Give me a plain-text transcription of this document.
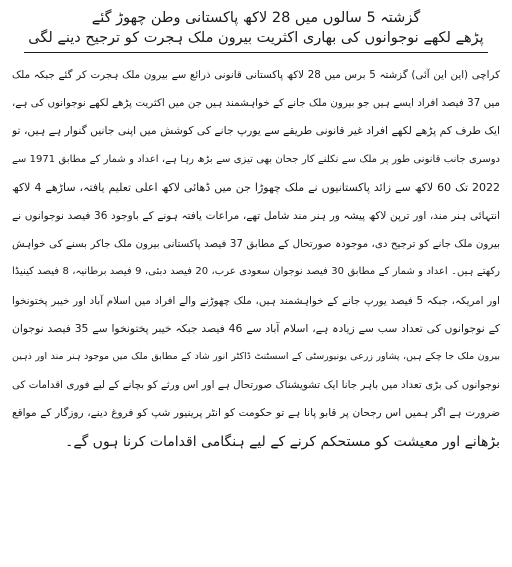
گزشتہ 5 سالوں میں 28 لاکھ پاکستانی وطن چھوڑ گئے
پڑھے لکھے نوجوانوں کی بھاری اکثریت بیرون ملک ہجرت کو ترجیح دینے لگی
کراچی (این این آئی) گزشتہ 5 برس میں 28 لاکھ پاکستانی قانونی ذرائع سے بیرون ملک ہجرت کر گئے جبکہ ملک
میں 37 فیصد افراد ایسے ہیں جو بیرون ملک جانے کے خواہشمند ہیں جن میں اکثریت پڑھے لکھے نوجوانوں کی ہے،
ایک طرف کم پڑھے لکھے افراد غیر قانونی طریقے سے یورپ جانے کی کوشش میں اپنی جانیں گنوار ہے ہیں، تو
دوسری جانب قانونی طور پر ملک سے نکلنے کار جحان بھی تیزی سے بڑھ رہا ہے، اعداد و شمار کے مطابق 1971 سے
2022 تک 60 لاکھ سے زائد پاکستانیوں نے ملک چھوڑا جن میں ڈھائی لاکھ اعلی تعلیم یافتہ، ساڑھے 4 لاکھ
انتہائی ہنر مند، اور ترپن لاکھ پیشہ ور ہنر مند شامل تھے، مراعات یافتہ ہونے کے باوجود 36 فیصد نوجوانوں نے
بیرون ملک جانے کو ترجیح دی، موجودہ صورتحال کے مطابق 37 فیصد پاکستانی بیرون ملک جاکر بسنے کی خواہش
رکھتے ہیں۔ اعداد و شمار کے مطابق 30 فیصد نوجوان سعودی عرب، 20 فیصد دبئی، 9 فیصد برطانیہ، 8 فیصد کینیڈا
اور امریکہ، جبکہ 5 فیصد یورپ جانے کے خواہشمند ہیں، ملک چھوڑنے والے افراد میں اسلام آباد اور خیبر پختونخوا
کے نوجوانوں کی تعداد سب سے زیادہ ہے، اسلام آباد سے 46 فیصد جبکہ خیبر پختونخوا سے 35 فیصد نوجوان
بیرون ملک جا چکے ہیں، پشاور زرعی یونیورسٹی کے اسسٹنٹ ڈاکٹر انور شاد کے مطابق ملک میں موجود ہنر مند اور ذہین
نوجوانوں کی بڑی تعداد میں باہر جانا ایک تشویشناک صورتحال ہے اور اس ورثے کو بچانے کے لیے فوری اقدامات کی
ضرورت ہے اگر ہمیں اس رجحان پر قابو پانا ہے تو حکومت کو انٹر پرینیور شپ کو فروغ دینے، روزگار کے مواقع
بڑھانے اور معیشت کو مستحکم کرنے کے لیے ہنگامی اقدامات کرنا ہوں گے۔
